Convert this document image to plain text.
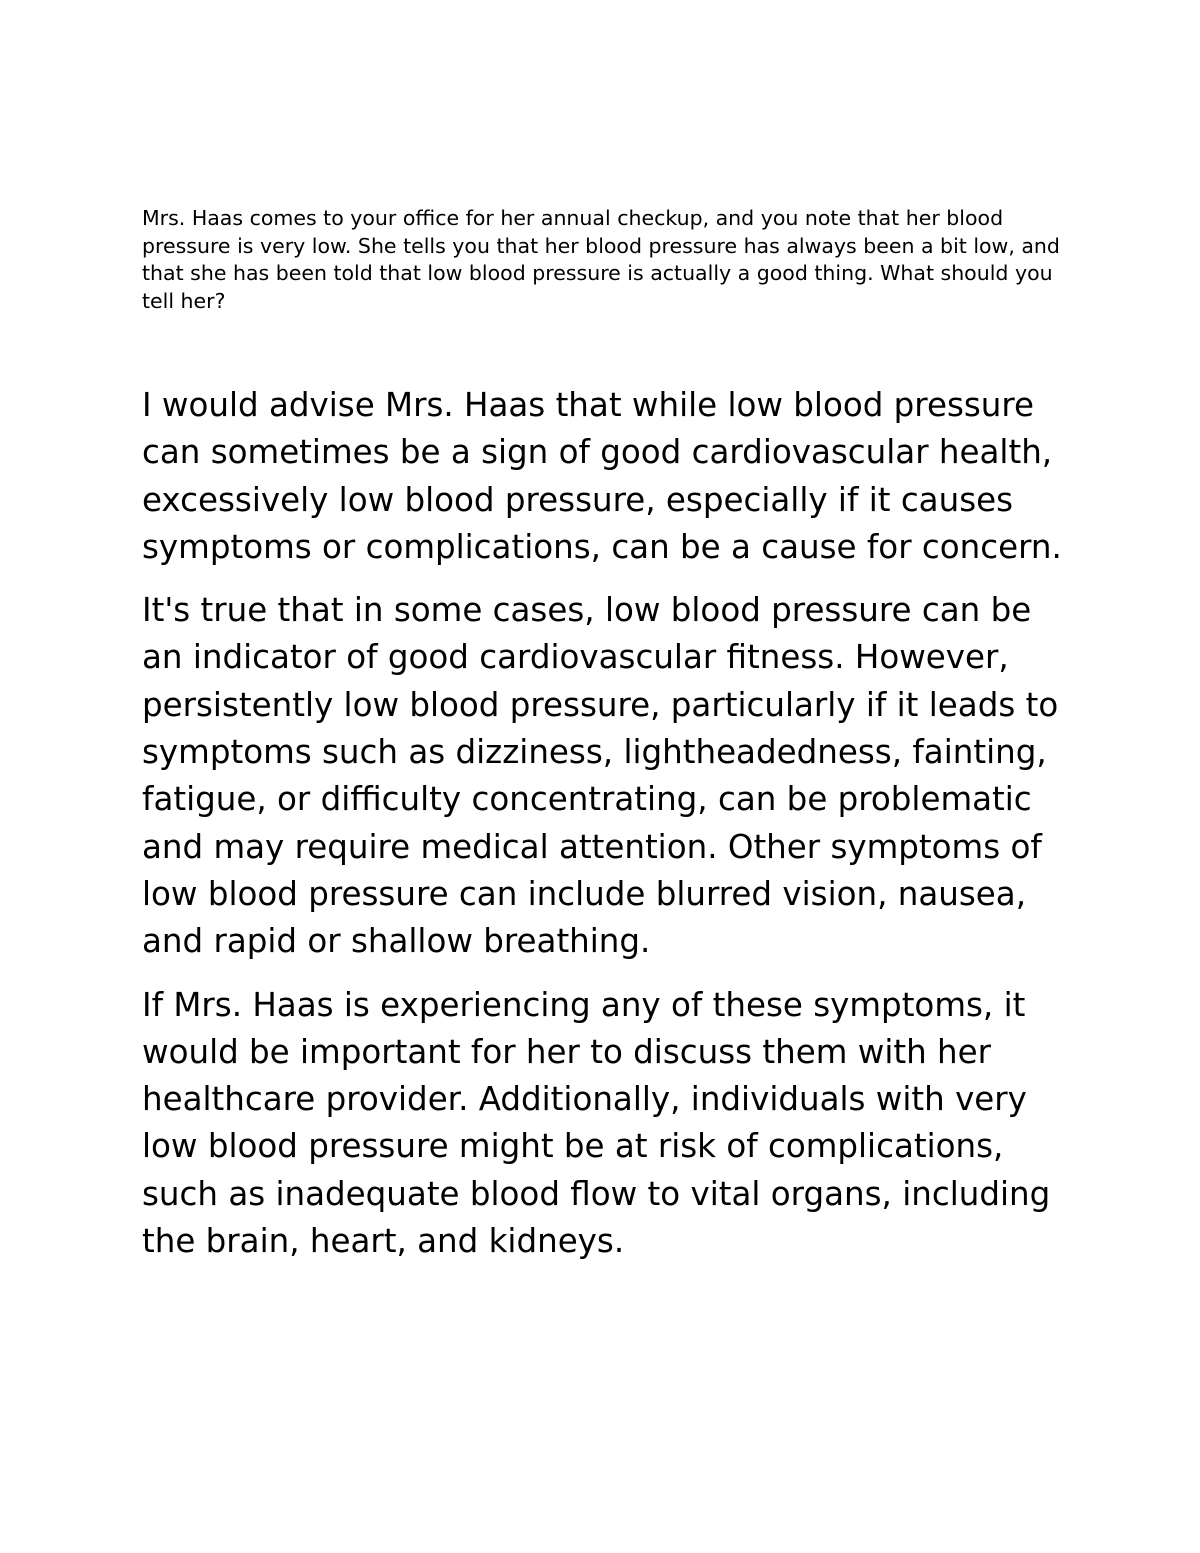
Mrs. Haas comes to your office for her annual checkup, and you note that her blood pressure is very low. She tells you that her blood pressure has always been a bit low, and that she has been told that low blood pressure is actually a good thing. What should you tell her?

I would advise Mrs. Haas that while low blood pressure can sometimes be a sign of good cardiovascular health, excessively low blood pressure, especially if it causes symptoms or complications, can be a cause for concern.

It's true that in some cases, low blood pressure can be an indicator of good cardiovascular fitness. However, persistently low blood pressure, particularly if it leads to symptoms such as dizziness, lightheadedness, fainting, fatigue, or difficulty concentrating, can be problematic and may require medical attention. Other symptoms of low blood pressure can include blurred vision, nausea, and rapid or shallow breathing.

If Mrs. Haas is experiencing any of these symptoms, it would be important for her to discuss them with her healthcare provider. Additionally, individuals with very low blood pressure might be at risk of complications, such as inadequate blood flow to vital organs, including the brain, heart, and kidneys.
